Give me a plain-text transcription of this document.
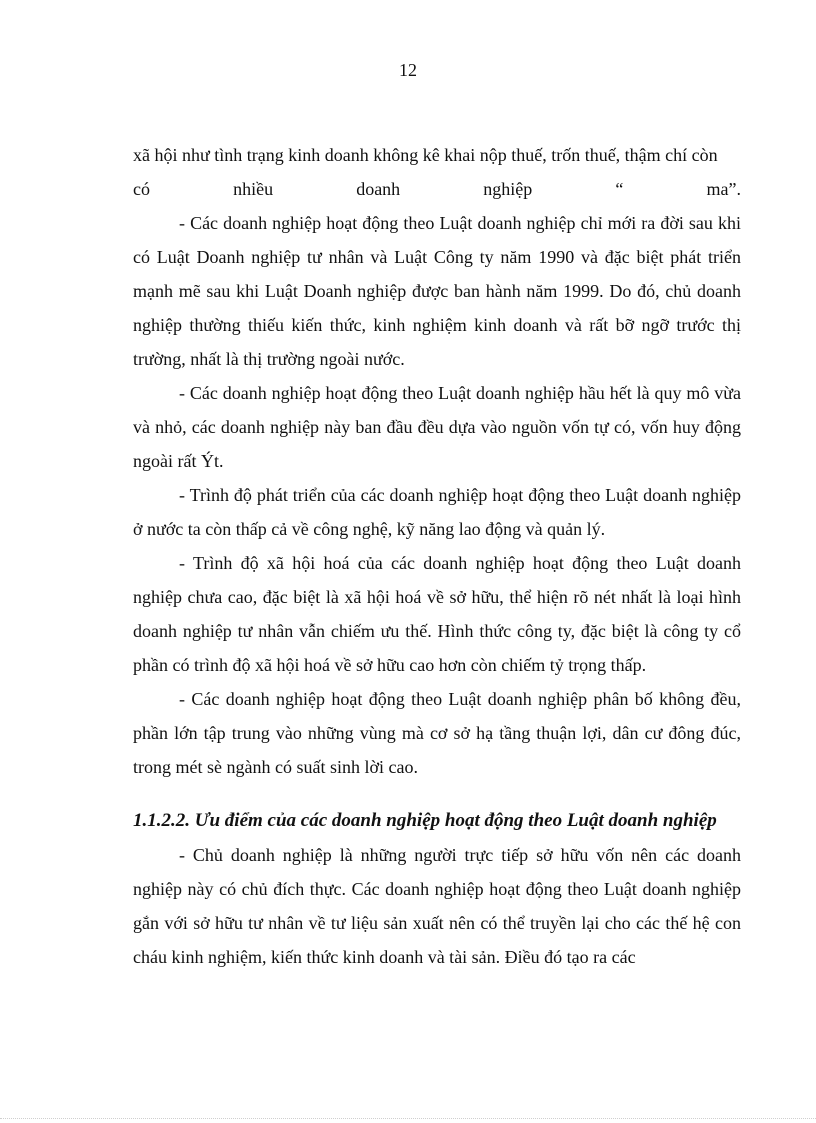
12

xã hội như tình trạng kinh doanh không kê khai nộp thuế, trốn thuế, thậm chí còn

có	nhiều	doanh	nghiệp	“	ma”.

- Các doanh nghiệp hoạt động theo Luật doanh nghiệp chỉ mới ra đời sau khi có Luật Doanh nghiệp tư nhân và Luật Công ty năm 1990 và đặc biệt phát triển mạnh mẽ sau khi Luật Doanh nghiệp được ban hành năm 1999. Do đó, chủ doanh nghiệp thường thiếu kiến thức, kinh nghiệm kinh doanh và rất bỡ ngỡ trước thị trường, nhất là thị trường ngoài nước.

- Các doanh nghiệp hoạt động theo Luật doanh nghiệp hầu hết là quy mô vừa và nhỏ, các doanh nghiệp này ban đầu đều dựa vào nguồn vốn tự có, vốn huy động ngoài rất Ýt.

- Trình độ phát triển của các doanh nghiệp hoạt động theo Luật doanh nghiệp ở nước ta còn thấp cả về công nghệ, kỹ năng lao động và quản lý.

- Trình độ xã hội hoá của các doanh nghiệp hoạt động theo Luật doanh nghiệp chưa cao, đặc biệt là xã hội hoá về sở hữu, thể hiện rõ nét nhất là loại hình doanh nghiệp tư nhân vẫn chiếm ưu thế. Hình thức công ty, đặc biệt là công ty cổ phần có trình độ xã hội hoá về sở hữu cao hơn còn chiếm tỷ trọng thấp.

- Các doanh nghiệp hoạt động theo Luật doanh nghiệp phân bố không đều, phần lớn tập trung vào những vùng mà cơ sở hạ tầng thuận lợi, dân cư đông đúc, trong mét sè ngành có suất sinh lời cao.

1.1.2.2. Ưu điểm của các doanh nghiệp hoạt động theo Luật doanh nghiệp

- Chủ doanh nghiệp là những người trực tiếp sở hữu vốn nên các doanh nghiệp này có chủ đích thực. Các doanh nghiệp hoạt động theo Luật doanh nghiệp gắn với sở hữu tư nhân về tư liệu sản xuất nên có thể truyền lại cho các thế hệ con cháu kinh nghiệm, kiến thức kinh doanh và tài sản. Điều đó tạo ra các
